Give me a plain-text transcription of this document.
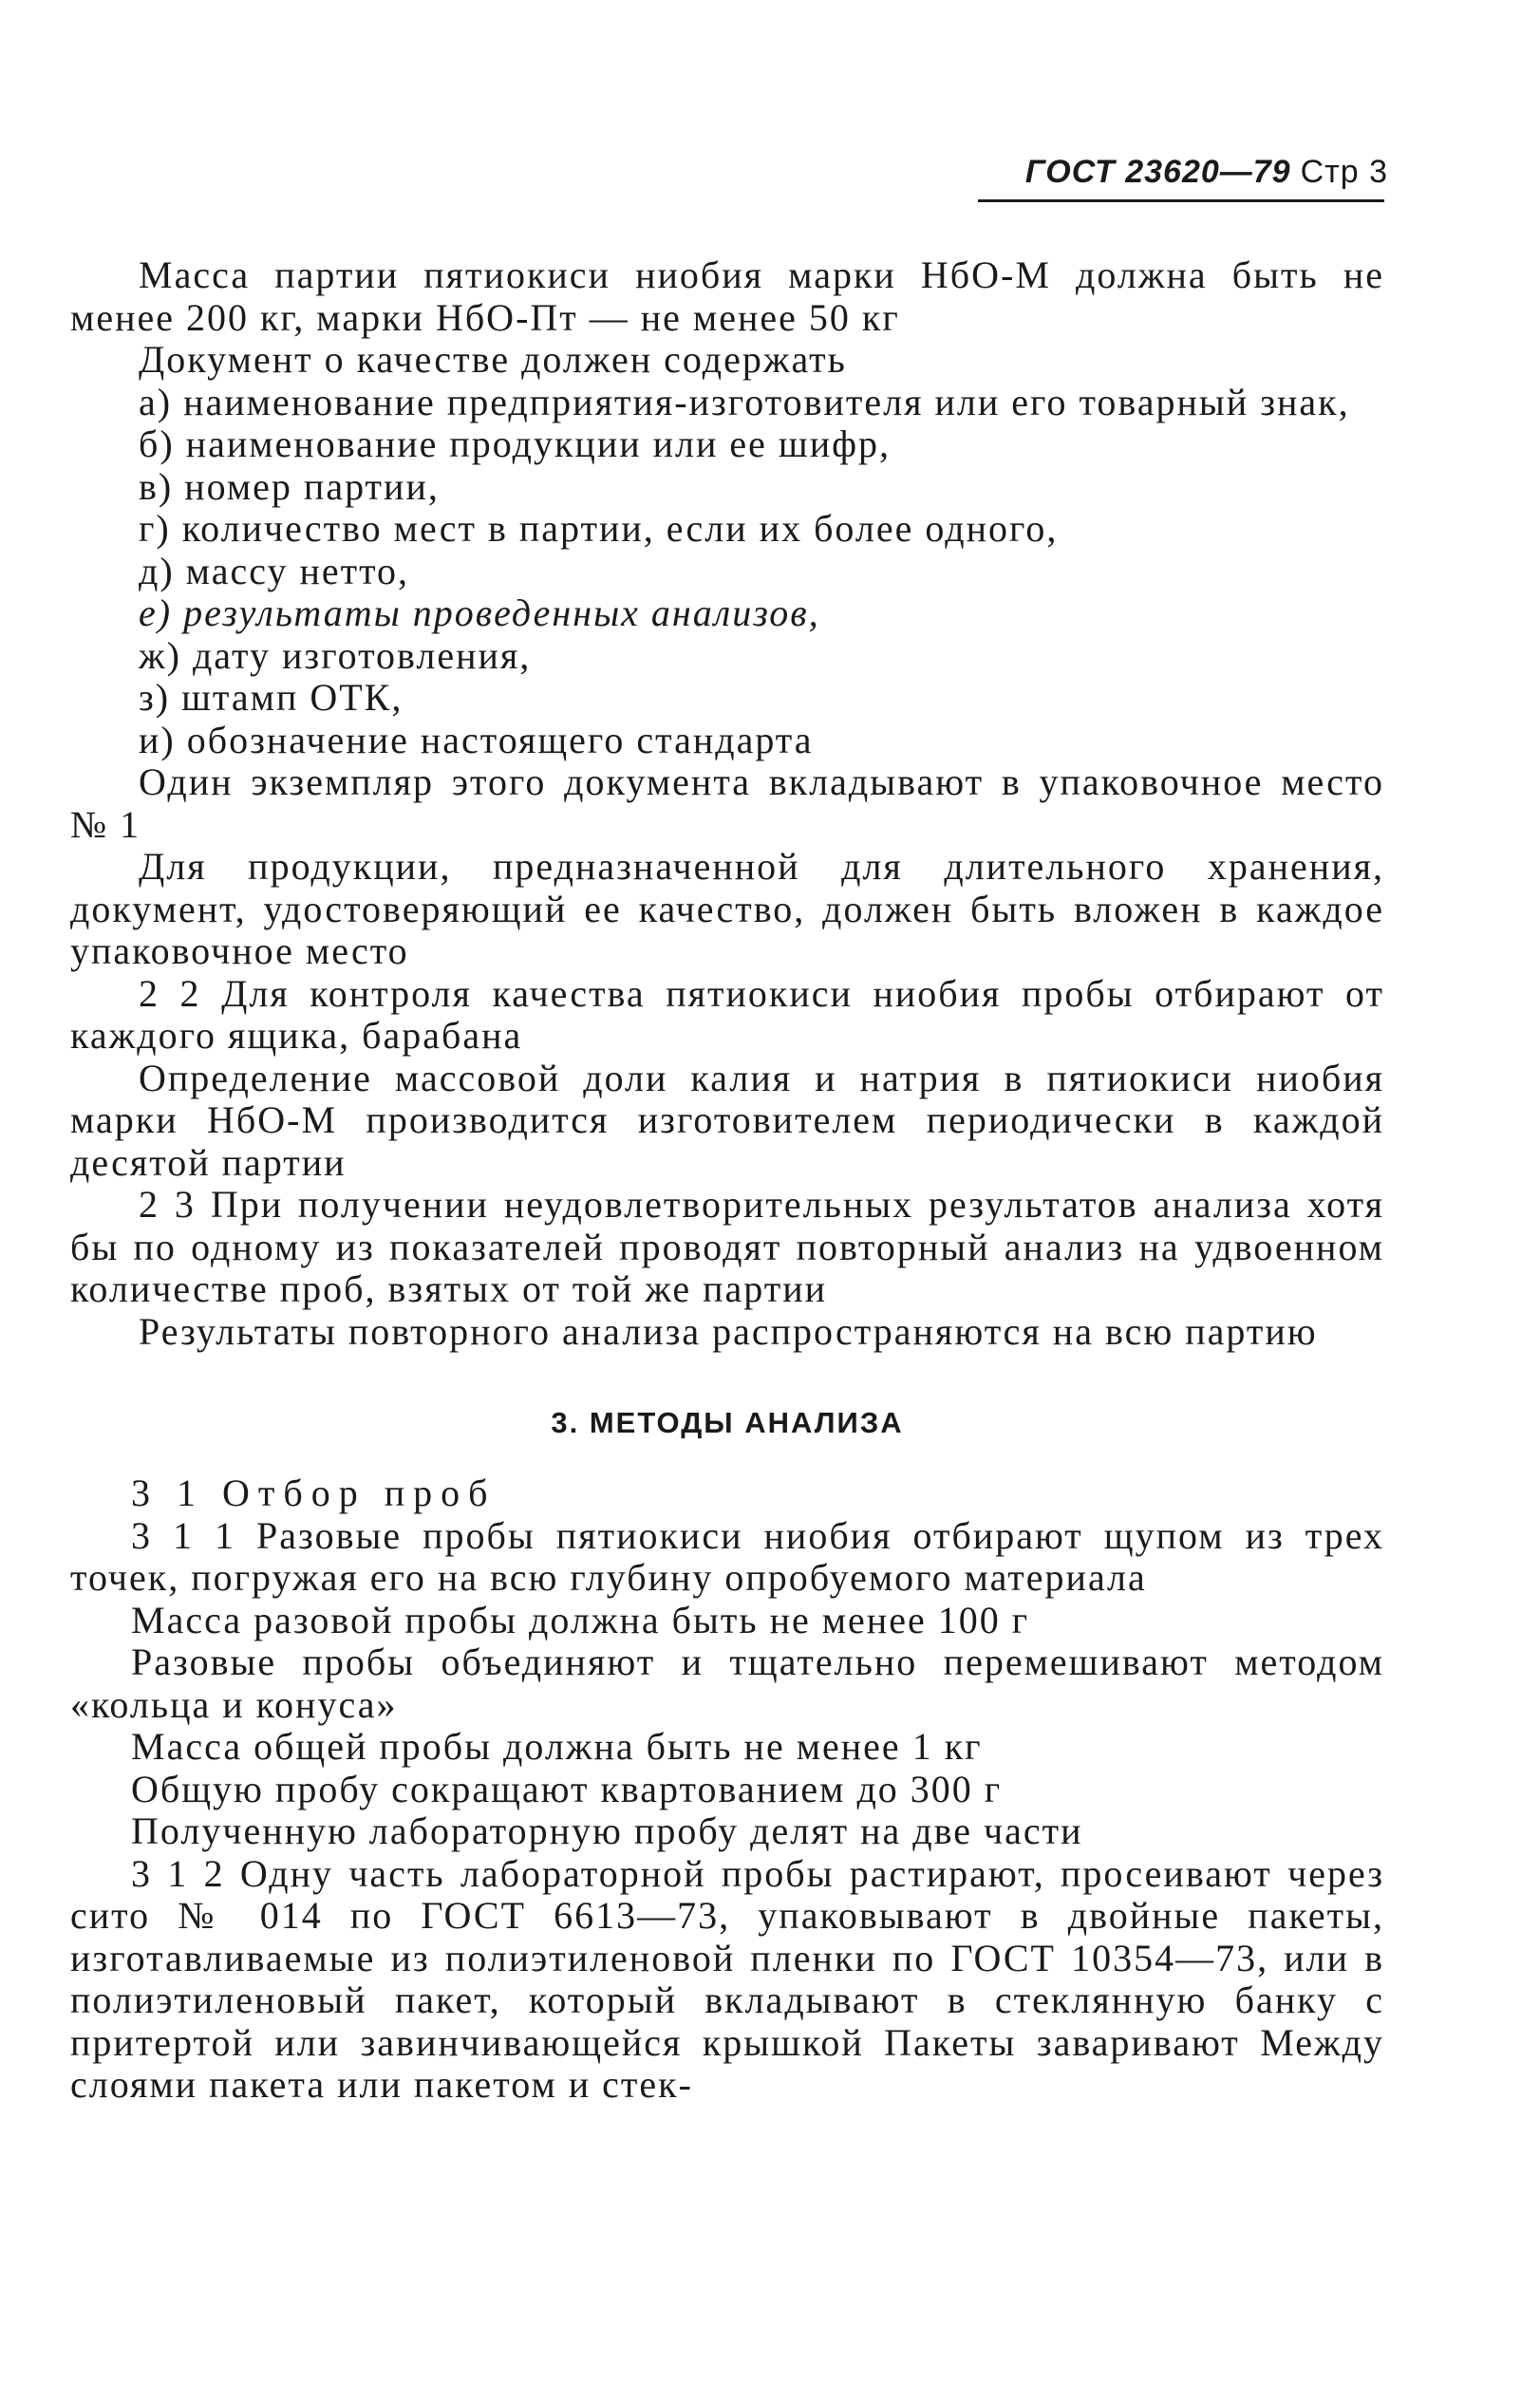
ГОСТ 23620—79 Стр 3

Масса партии пятиокиси ниобия марки НбО-М должна быть не менее 200 кг, марки НбО-Пт — не менее 50 кг

Документ о качестве должен содержать

а) наименование предприятия-изготовителя или его товарный знак,

б) наименование продукции или ее шифр,

в) номер партии,

г) количество мест в партии, если их более одного,

д) массу нетто,

е) результаты проведенных анализов,

ж) дату изготовления,

з) штамп ОТК,

и) обозначение настоящего стандарта

Один экземпляр этого документа вкладывают в упаковочное место № 1

Для продукции, предназначенной для длительного хранения, документ, удостоверяющий ее качество, должен быть вложен в каждое упаковочное место

2 2 Для контроля качества пятиокиси ниобия пробы отбирают от каждого ящика, барабана

Определение массовой доли калия и натрия в пятиокиси ниобия марки НбО-М производится изготовителем периодически в каждой десятой партии

2 3 При получении неудовлетворительных результатов анализа хотя бы по одному из показателей проводят повторный анализ на удвоенном количестве проб, взятых от той же партии

Результаты повторного анализа распространяются на всю партию

3. МЕТОДЫ АНАЛИЗА

3 1 Отбор проб

3 1 1 Разовые пробы пятиокиси ниобия отбирают щупом из трех точек, погружая его на всю глубину опробуемого материала

Масса разовой пробы должна быть не менее 100 г

Разовые пробы объединяют и тщательно перемешивают методом «кольца и конуса»

Масса общей пробы должна быть не менее 1 кг

Общую пробу сокращают квартованием до 300 г

Полученную лабораторную пробу делят на две части

3 1 2 Одну часть лабораторной пробы растирают, просеивают через сито № 014 по ГОСТ 6613—73, упаковывают в двойные пакеты, изготавливаемые из полиэтиленовой пленки по ГОСТ 10354—73, или в полиэтиленовый пакет, который вкладывают в стеклянную банку с притертой или завинчивающейся крышкой Пакеты заваривают Между слоями пакета или пакетом и стек-
